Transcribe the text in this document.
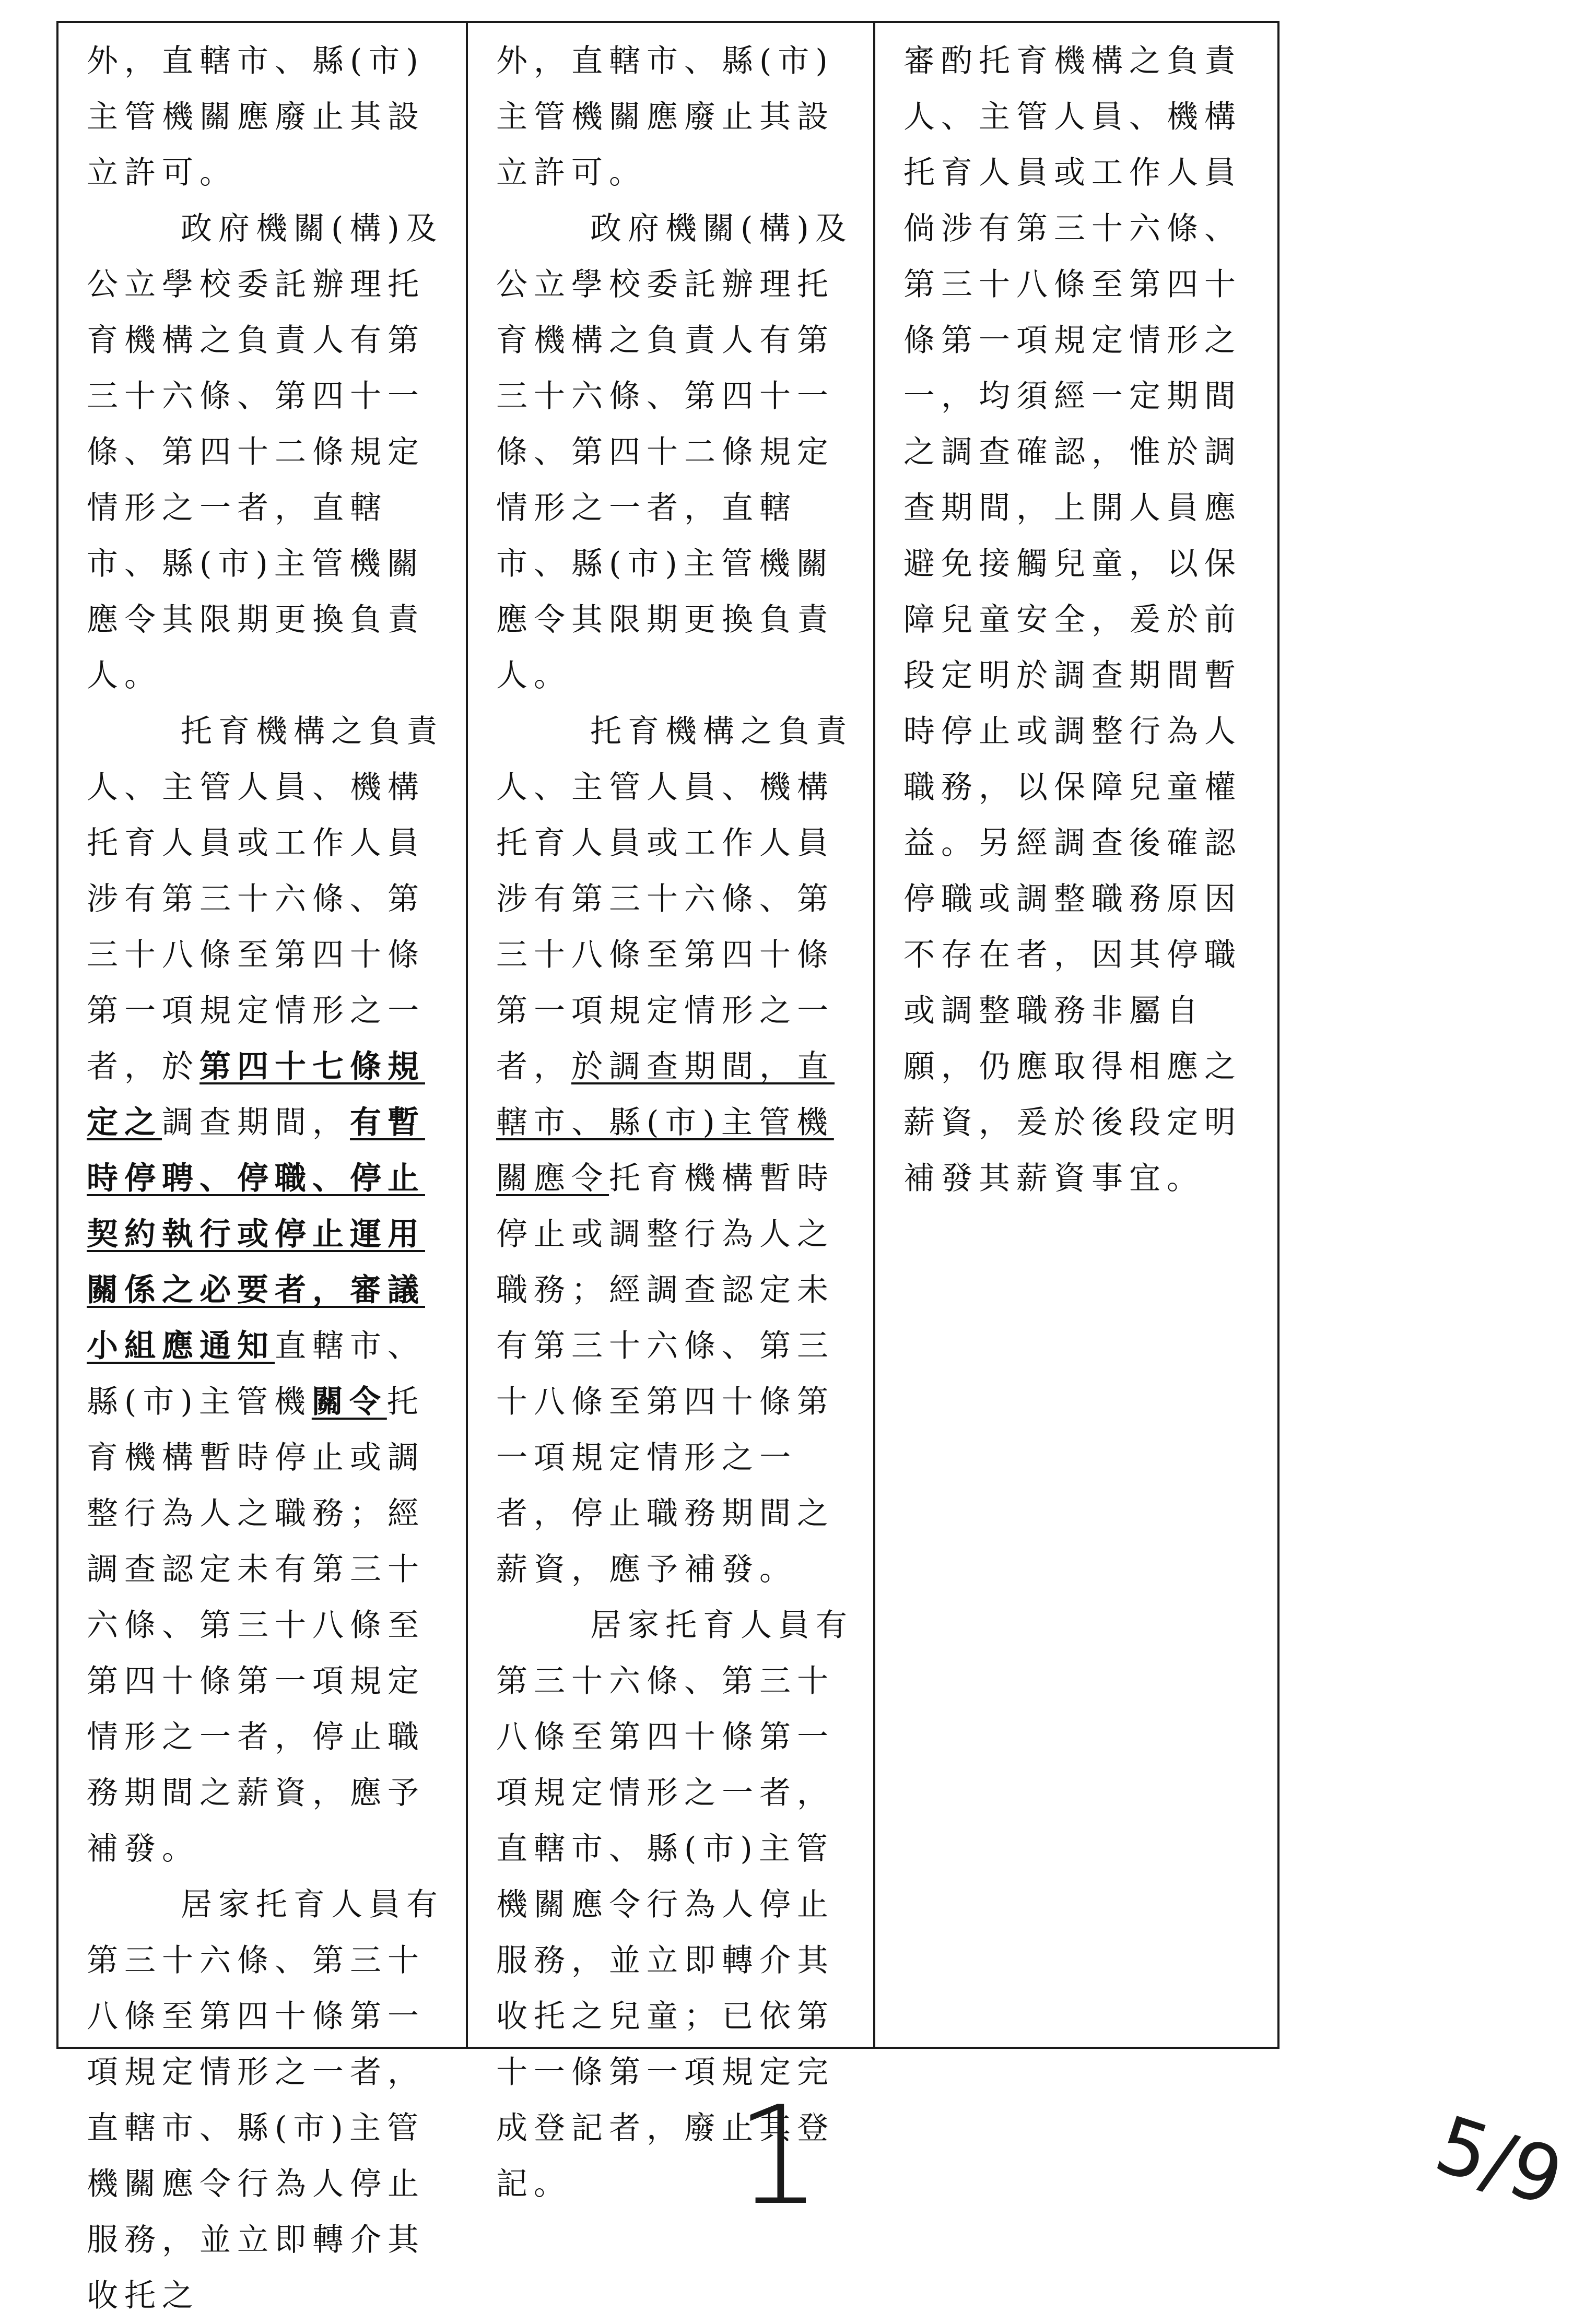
外，直轄市、縣(市)主管機關應廢止其設立許可。

政府機關(構)及公立學校委託辦理托育機構之負責人有第三十六條、第四十一條、第四十二條規定情形之一者，直轄市、縣(市)主管機關應令其限期更換負責人。

托育機構之負責人、主管人員、機構托育人員或工作人員涉有第三十六條、第三十八條至第四十條第一項規定情形之一者，於第四十七條規定之調查期間，有暫時停聘、停職、停止契約執行或停止運用關係之必要者，審議小組應通知直轄市、縣(市)主管機關令托育機構暫時停止或調整行為人之職務；經調查認定未有第三十六條、第三十八條至第四十條第一項規定情形之一者，停止職務期間之薪資，應予補發。

居家托育人員有第三十六條、第三十八條至第四十條第一項規定情形之一者，直轄市、縣(市)主管機關應令行為人停止服務，並立即轉介其收托之

外，直轄市、縣(市)主管機關應廢止其設立許可。

政府機關(構)及公立學校委託辦理托育機構之負責人有第三十六條、第四十一條、第四十二條規定情形之一者，直轄市、縣(市)主管機關應令其限期更換負責人。

托育機構之負責人、主管人員、機構托育人員或工作人員涉有第三十六條、第三十八條至第四十條第一項規定情形之一者，於調查期間，直轄市、縣(市)主管機關應令托育機構暫時停止或調整行為人之職務；經調查認定未有第三十六條、第三十八條至第四十條第一項規定情形之一者，停止職務期間之薪資，應予補發。

居家托育人員有第三十六條、第三十八條至第四十條第一項規定情形之一者，直轄市、縣(市)主管機關應令行為人停止服務，並立即轉介其收托之兒童；已依第十一條第一項規定完成登記者，廢止其登記。

審酌托育機構之負責人、主管人員、機構托育人員或工作人員倘涉有第三十六條、第三十八條至第四十條第一項規定情形之一，均須經一定期間之調查確認，惟於調查期間，上開人員應避免接觸兒童，以保障兒童安全，爰於前段定明於調查期間暫時停止或調整行為人職務，以保障兒童權益。另經調查後確認停職或調整職務原因不存在者，因其停職或調整職務非屬自願，仍應取得相應之薪資，爰於後段定明補發其薪資事宜。

1	5/9
